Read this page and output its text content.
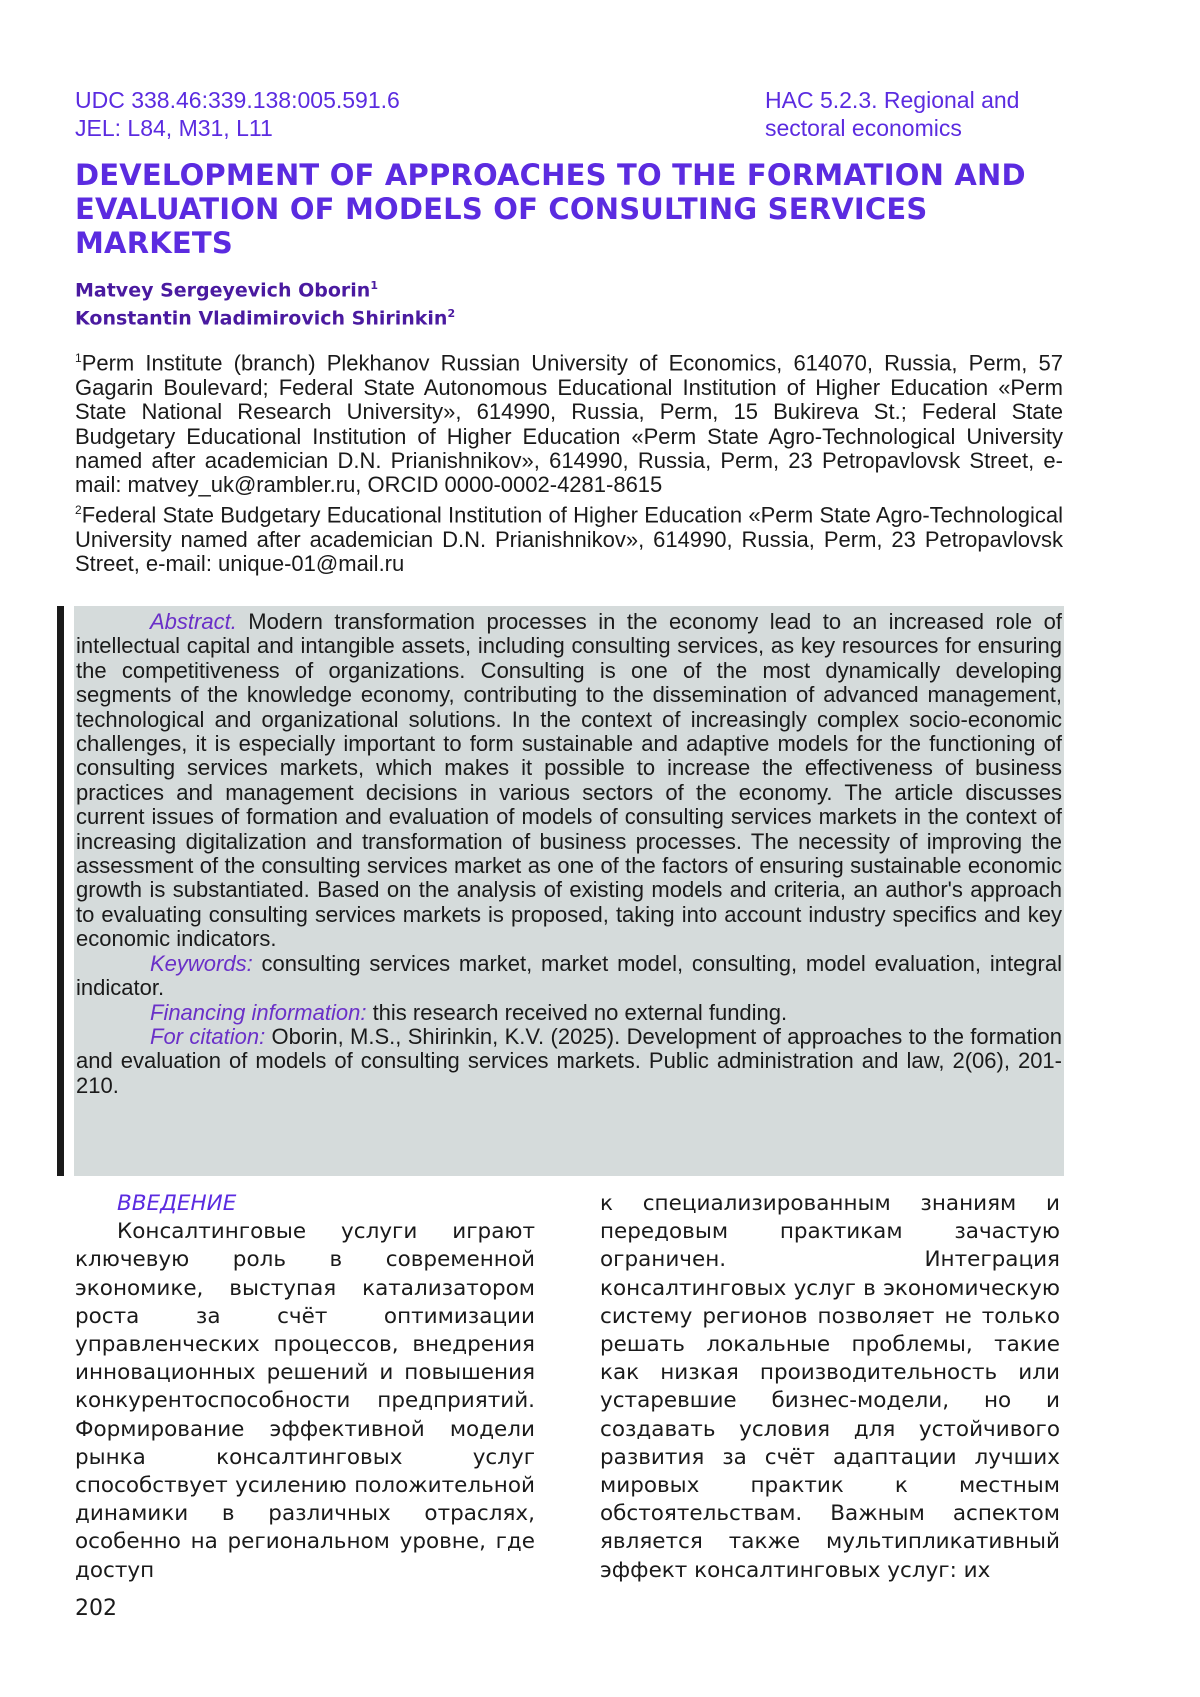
UDC 338.46:339.138:005.591.6
JEL: L84, M31, L11
HAC 5.2.3. Regional and
sectoral economics
DEVELOPMENT OF APPROACHES TO THE FORMATION AND EVALUATION OF MODELS OF CONSULTING SERVICES MARKETS
Matvey Sergeyevich Oborin$^1$
Konstantin Vladimirovich Shirinkin$^2$

$^1$Perm Institute (branch) Plekhanov Russian University of Economics, 614070, Russia, Perm, 57 Gagarin Boulevard; Federal State Autonomous Educational Institution of Higher Education «Perm State National Research University», 614990, Russia, Perm, 15 Bukireva St.; Federal State Budgetary Educational Institution of Higher Education «Perm State Agro-Technological University named after academician D.N. Prianishnikov», 614990, Russia, Perm, 23 Petropavlovsk Street, e-mail: matvey_uk@rambler.ru, ORCID 0000-0002-4281-8615

$^2$Federal State Budgetary Educational Institution of Higher Education «Perm State Agro-Technological University named after academician D.N. Prianishnikov», 614990, Russia, Perm, 23 Petropavlovsk Street, e-mail: unique-01@mail.ru

Abstract. Modern transformation processes in the economy lead to an increased role of intellectual capital and intangible assets, including consulting services, as key resources for ensuring the competitiveness of organizations. Consulting is one of the most dynamically developing segments of the knowledge economy, contributing to the dissemination of advanced management, technological and organizational solutions. In the context of increasingly complex socio-economic challenges, it is especially important to form sustainable and adaptive models for the functioning of consulting services markets, which makes it possible to increase the effectiveness of business practices and management decisions in various sectors of the economy. The article discusses current issues of formation and evaluation of models of consulting services markets in the context of increasing digitalization and transformation of business processes. The necessity of improving the assessment of the consulting services market as one of the factors of ensuring sustainable economic growth is substantiated. Based on the analysis of existing models and criteria, an author's approach to evaluating consulting services markets is proposed, taking into account industry specifics and key economic indicators.

Keywords: consulting services market, market model, consulting, model evaluation, integral indicator.

Financing information: this research received no external funding.

For citation: Oborin, M.S., Shirinkin, K.V. (2025). Development of approaches to the formation and evaluation of models of consulting services markets. Public administration and law, 2(06), 201-210.

ВВЕДЕНИЕ

Консалтинговые услуги играют ключевую роль в современной экономике, выступая катализатором роста за счёт оптимизации управленческих процессов, внедрения инновационных решений и повышения конкурентоспособности предприятий. Формирование эффективной модели рынка консалтинговых услуг способствует усилению положительной динамики в различных отраслях, особенно на региональном уровне, где доступ

к специализированным знаниям и передовым практикам зачастую ограничен. Интеграция консалтинговых услуг в экономическую систему регионов позволяет не только решать локальные проблемы, такие как низкая производительность или устаревшие бизнес-модели, но и создавать условия для устойчивого развития за счёт адаптации лучших мировых практик к местным обстоятельствам. Важным аспектом является также мультипликативный эффект консалтинговых услуг: их

202
